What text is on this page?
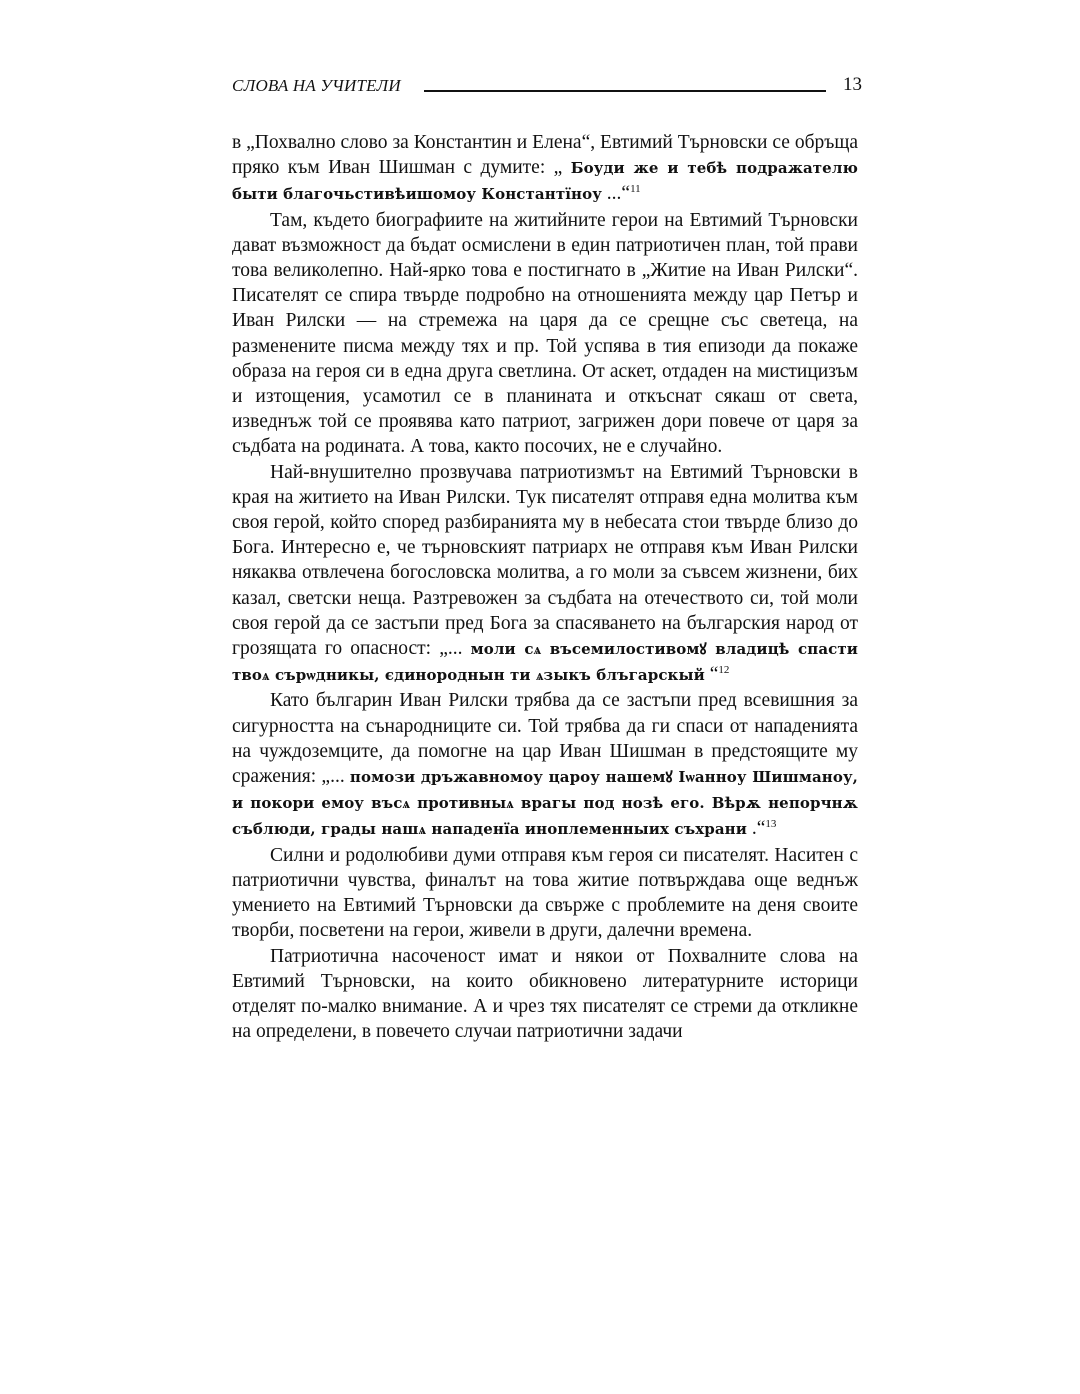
СЛОВА НА УЧИТЕЛИ	13

в „Похвално слово за Константин и Елена“, Евтимий Търновски се обръща пряко към Иван Шишман с думите: „ Боуди же и тебѣ подражателю быти благочьстивѣишомоу Константїноу ...“$^{11}$

Там, където биографиите на житийните герои на Евтимий Търновски дават възможност да бъдат осмислени в един патриотичен план, той прави това великолепно. Най-ярко това е постигнато в „Житие на Иван Рилски“. Писателят се спира твърде подробно на отношенията между цар Петър и Иван Рилски — на стремежа на царя да се срещне със светеца, на разменените писма между тях и пр. Той успява в тия епизоди да покаже образа на героя си в една друга светлина. От аскет, отдаден на мистицизъм и изтощения, усамотил се в планината и откъснат сякаш от света, изведнъж той се проявява като патриот, загрижен дори повече от царя за съдбата на родината. А това, както посочих, не е случайно.

Най-внушително прозвучава патриотизмът на Евтимий Търновски в края на житието на Иван Рилски. Тук писателят отправя една молитва към своя герой, който според разбиранията му в небесата стои твърде близо до Бога. Интересно е, че търновският патриарх не отправя към Иван Рилски някаква отвлечена богословска молитва, а го моли за съвсем жизнени, бих казал, светски неща. Разтревожен за съдбата на отечеството си, той моли своя герой да се застъпи пред Бога за спасяването на българския народ от грозящата го опасност: „... моли сѧ въсемилостивомꙋ владицѣ спасти твоѧ сърѡдникы, єдинороднын ти ѧзыкъ блъгарскый “$^{12}$

Като българин Иван Рилски трябва да се застъпи пред всевишния за сигурността на сънародниците си. Той трябва да ги спаси от нападенията на чуждоземците, да помогне на цар Иван Шишман в предстоящите му сражения: „... помози дръжавномоу цароу нашемꙋ Іѡанноу Шишманоу, и покори емоу въсѧ противныѧ врагы под нозѣ его. Вѣрѫ непорчнѫ съблюди, грады нашѧ нападенїа иноплеменныих съхрани .“$^{13}$

Силни и родолюбиви думи отправя към героя си писателят. Наситен с патриотични чувства, финалът на това житие потвърждава още веднъж умението на Евтимий Търновски да свърже с проблемите на деня своите творби, посветени на герои, живели в други, далечни времена.

Патриотична насоченост имат и някои от Похвалните слова на Евтимий Търновски, на които обикновено литературните историци отделят по-малко внимание. А и чрез тях писателят се стреми да откликне на определени, в повечето случаи патриотични задачи
